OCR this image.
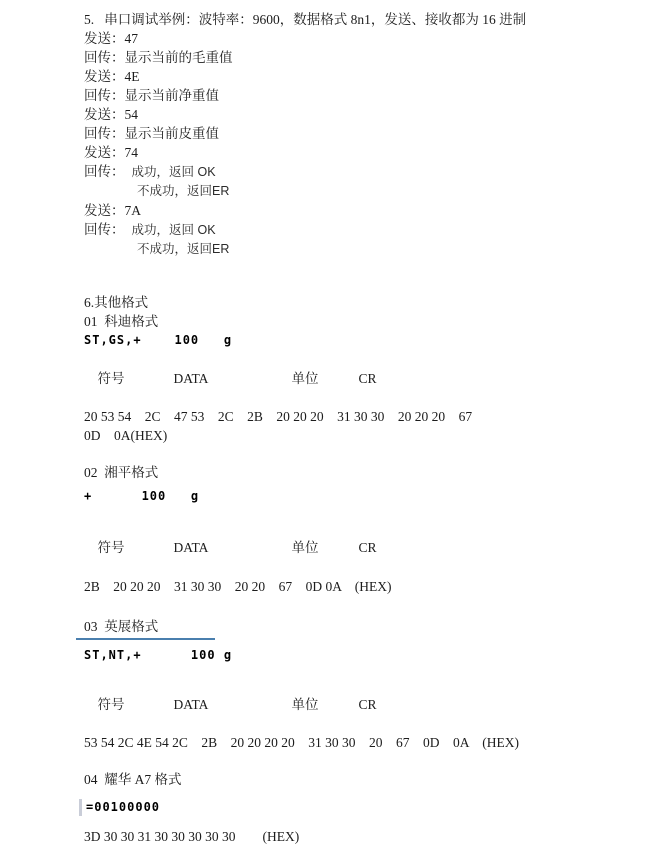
5.   串口调试举例：波特率：9600，数据格式 8n1，发送、接收都为 16 进制
发送：47
回传：显示当前的毛重值
发送：4E
回传：显示当前净重值
发送：54
回传：显示当前皮重值
发送：74
回传： 成功，返回 OK
不成功，返回ER
发送：7A
回传： 成功，返回 OK
不成功，返回ER
6.其他格式
01  科迪格式
ST,GS,+    100   g

符号	DATA	单位	CR

20 53 54    2C    47 53    2C    2B    20 20 20    31 30 30    20 20 20    67
0D    0A(HEX)
02  湘平格式
+      100   g

符号	DATA	单位	CR

2B    20 20 20    31 30 30    20 20    67    0D 0A    (HEX)
03  英展格式
ST,NT,+      100 g

符号	DATA	单位	CR

53 54 2C 4E 54 2C    2B    20 20 20 20    31 30 30    20    67    0D    0A    (HEX)
04  耀华 A7 格式
=00100000
3D 30 30 31 30 30 30 30 30        (HEX)
